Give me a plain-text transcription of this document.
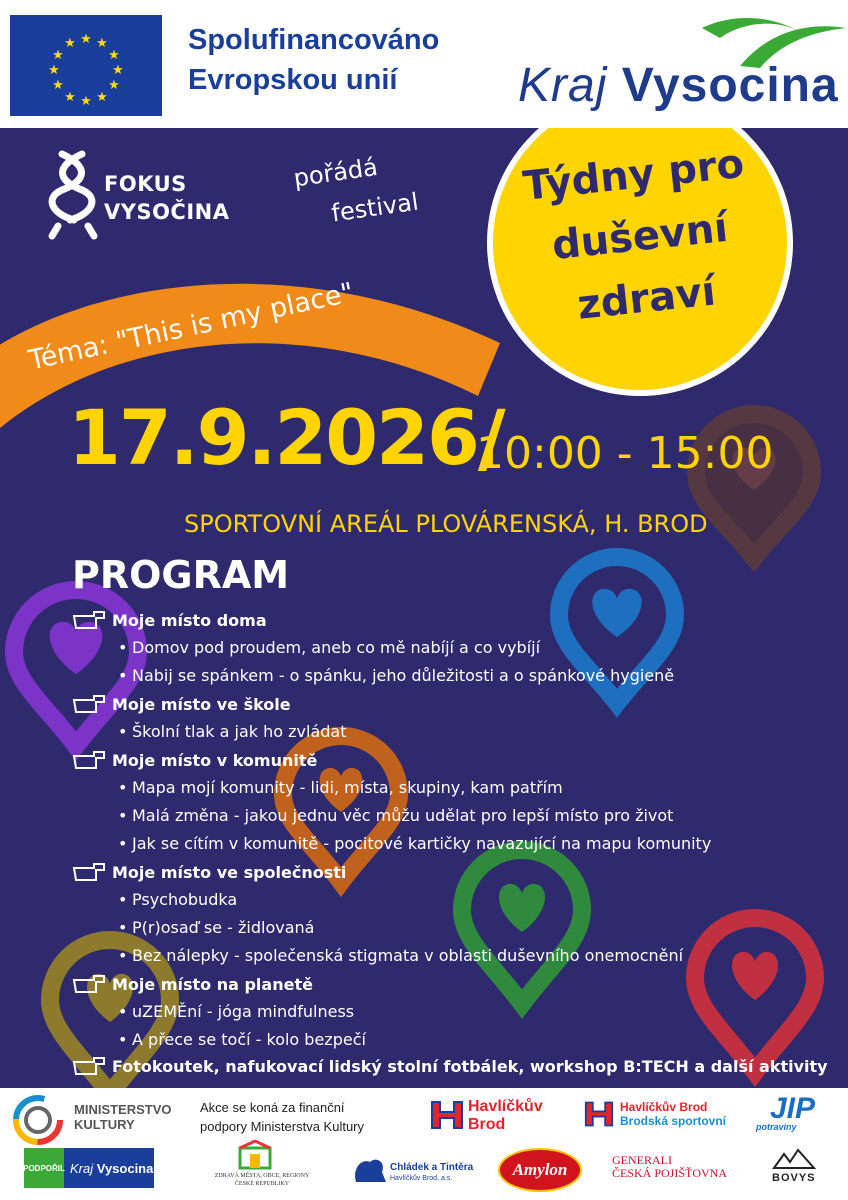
★ ★
★
★
★
★
★
★
★
★
★
★	Spolufinancováno
Evropskou unií	Kraj Vysocina
FOKUS
VYSOČINA
pořádá
festival
Téma: "This is my place"
Týdny pro
duševní
zdraví
17.9.2026/
10:00 - 15:00
SPORTOVNÍ AREÁL PLOVÁRENSKÁ, H. BROD
PROGRAM
Moje místo doma
• Domov pod proudem, aneb co mě nabíjí a co vybíjí
• Nabij se spánkem - o spánku, jeho důležitosti a o spánkové hygieně
Moje místo ve škole
• Školní tlak a jak ho zvládat
Moje místo v komunitě
• Mapa mojí komunity - lidi, místa, skupiny, kam patřím
• Malá změna - jakou jednu věc můžu udělat pro lepší místo pro život
• Jak se cítím v komunitě - pocitové kartičky navazující na mapu komunity
Moje místo ve společnosti
• Psychobudka
• P(r)osaď se - židlovaná
• Bez nálepky - společenská stigmata v oblasti duševního onemocnění
Moje místo na planetě
• uZEMĚní - jóga mindfulness
• A přece se točí - kolo bezpečí
Fotokoutek, nafukovací lidský stolní fotbálek, workshop B:TECH a další aktivity
MINISTERSTVO
KULTURY
Akce se koná za finanční
podpory Ministerstva Kultury
Havlíčkův
Brod
Havlíčkův Brod
Brodská sportovní JIP
potraviny
PODPOŘIL Kraj Vysocina
ZDRAVÁ MĚSTA, OBCE, REGIONY
ČESKÉ REPUBLIKY
Chládek a Tintěra
Havlíčkův Brod, a.s.	Amylon	GENERALI
ČESKÁ POJIŠŤOVNA	BOVYS
